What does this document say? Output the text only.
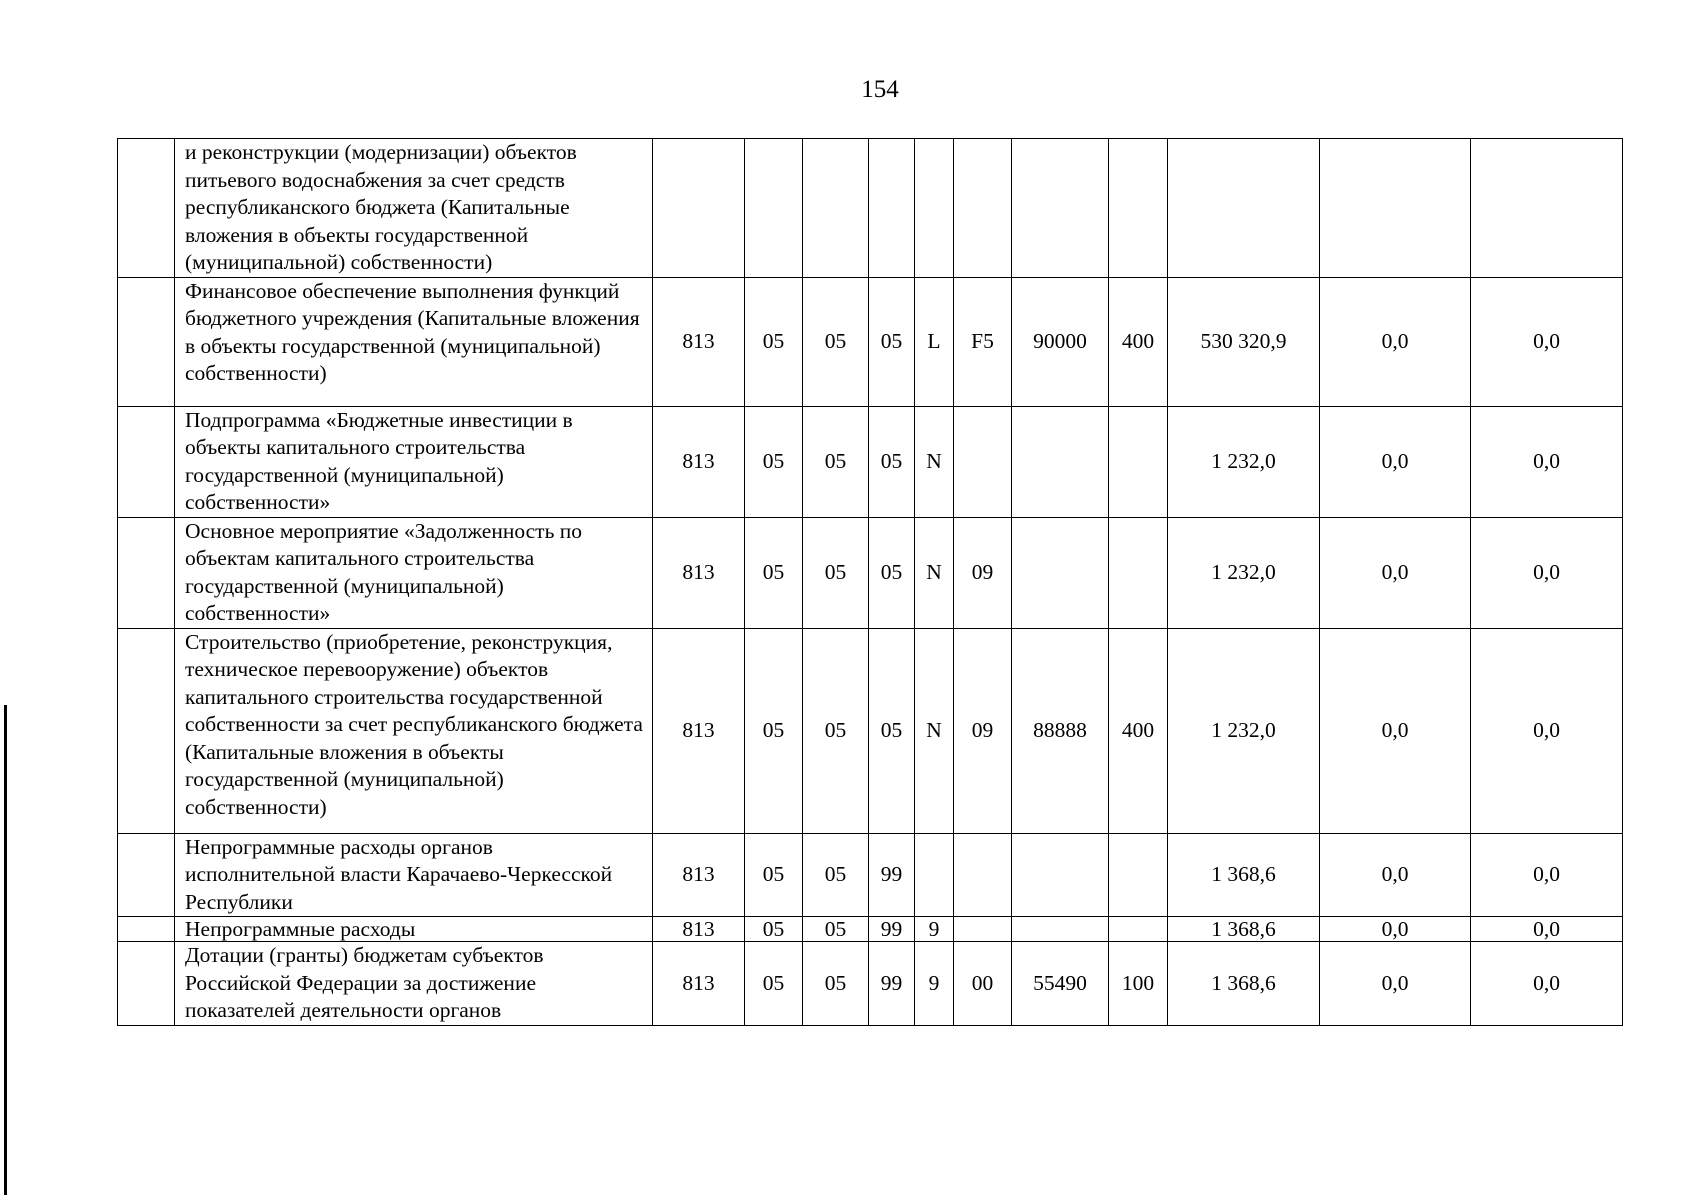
154
	и реконструкции (модернизации) объектов питьевого водоснабжения за счет средств республиканского бюджета (Капитальные вложения в объекты государственной (муниципальной) собственности)											
	Финансовое обеспечение выполнения функций бюджетного учреждения (Капитальные вложения в объекты государственной (муниципальной) собственности)	813	05	05	05	L	F5	90000	400	530 320,9	0,0	0,0
	Подпрограмма «Бюджетные инвестиции в объекты капитального строительства государственной (муниципальной) собственности»	813	05	05	05	N				1 232,0	0,0	0,0
	Основное мероприятие «Задолженность по объектам капитального строительства государственной (муниципальной) собственности»	813	05	05	05	N	09			1 232,0	0,0	0,0
	Строительство (приобретение, реконструкция, техническое перевооружение) объектов капитального строительства государственной собственности за счет республиканского бюджета (Капитальные вложения в объекты государственной (муниципальной) собственности)	813	05	05	05	N	09	88888	400	1 232,0	0,0	0,0
	Непрограммные расходы органов исполнительной власти Карачаево-Черкесской Республики	813	05	05	99					1 368,6	0,0	0,0
	Непрограммные расходы	813	05	05	99	9				1 368,6	0,0	0,0
	Дотации (гранты) бюджетам субъектов Российской Федерации за достижение показателей деятельности органов	813	05	05	99	9	00	55490	100	1 368,6	0,0	0,0
